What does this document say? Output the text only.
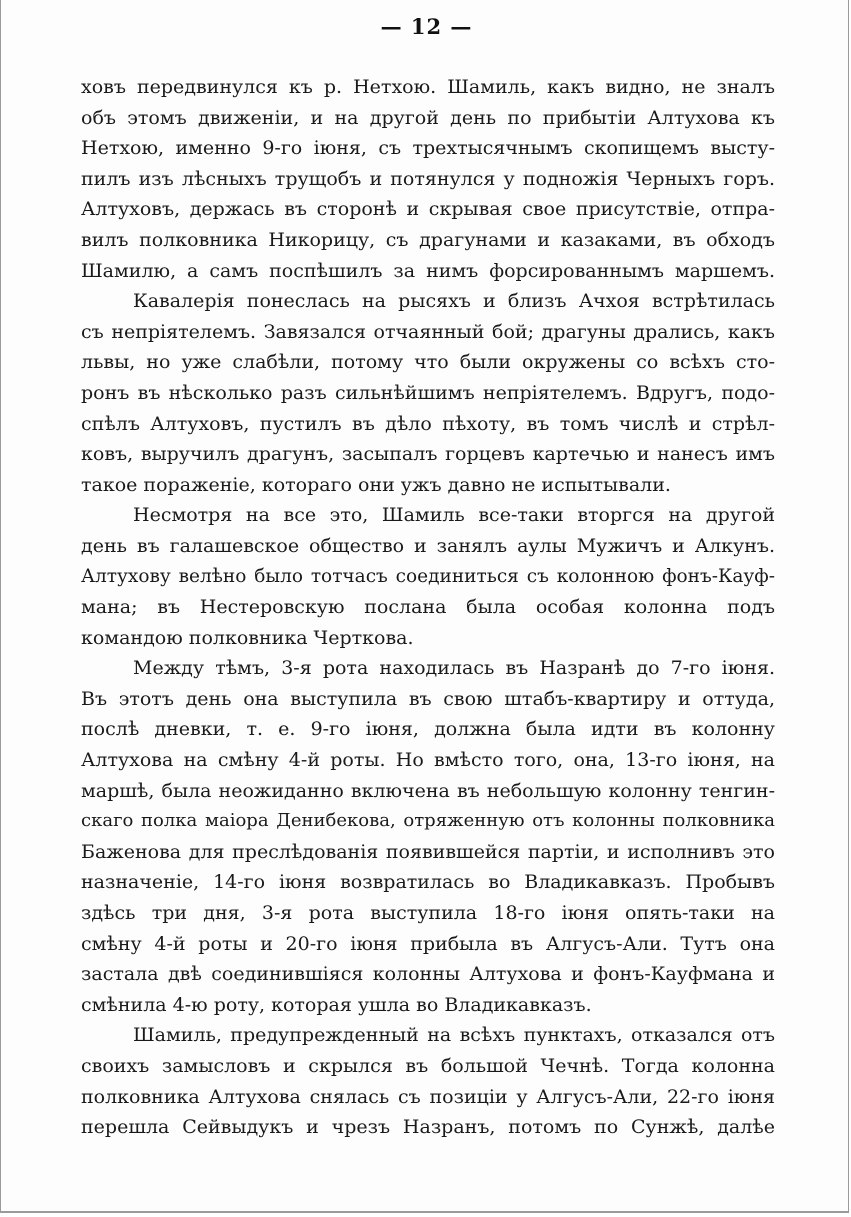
— 12 —
ховъ передвинулся къ р. Нетхою. Шамиль, какъ видно, не зналъ
объ этомъ движеніи, и на другой день по прибытіи Алтухова къ
Нетхою, именно 9-го іюня, съ трехтысячнымъ скопищемъ высту-
пилъ изъ лѣсныхъ трущобъ и потянулся у подножія Черныхъ горъ.
Алтуховъ, держась въ сторонѣ и скрывая свое присутствіе, отпра-
вилъ полковника Никорицу, съ драгунами и казаками, въ обходъ
Шамилю, а самъ поспѣшилъ за нимъ форсированнымъ маршемъ.
Кавалерія понеслась на рысяхъ и близъ Ачхоя встрѣтилась
съ непріятелемъ. Завязался отчаянный бой; драгуны дрались, какъ
львы, но уже слабѣли, потому что были окружены со всѣхъ сто-
ронъ въ нѣсколько разъ сильнѣйшимъ непріятелемъ. Вдругъ, подо-
спѣлъ Алтуховъ, пустилъ въ дѣло пѣхоту, въ томъ числѣ и стрѣл-
ковъ, выручилъ драгунъ, засыпалъ горцевъ картечью и нанесъ имъ
такое пораженіе, котораго они ужъ давно не испытывали.
Несмотря на все это, Шамиль все-таки вторгся на другой
день въ галашевское общество и занялъ аулы Мужичъ и Алкунъ.
Алтухову велѣно было тотчасъ соединиться съ колонною фонъ-Кауф-
мана; въ Нестеровскую послана была особая колонна подъ
командою полковника Черткова.
Между тѣмъ, 3-я рота находилась въ Назранѣ до 7-го іюня.
Въ этотъ день она выступила въ свою штабъ-квартиру и оттуда,
послѣ дневки, т. е. 9-го іюня, должна была идти въ колонну
Алтухова на смѣну 4-й роты. Но вмѣсто того, она, 13-го іюня, на
маршѣ, была неожиданно включена въ небольшую колонну тенгин-
скаго полка маіора Денибекова, отряженную отъ колонны полковника
Баженова для преслѣдованія появившейся партіи, и исполнивъ это
назначеніе, 14-го іюня возвратилась во Владикавказъ. Пробывъ
здѣсь три дня, 3-я рота выступила 18-го іюня опять-таки на
смѣну 4-й роты и 20-го іюня прибыла въ Алгусъ-Али. Тутъ она
застала двѣ соединившіяся колонны Алтухова и фонъ-Кауфмана и
смѣнила 4-ю роту, которая ушла во Владикавказъ.
Шамиль, предупрежденный на всѣхъ пунктахъ, отказался отъ
своихъ замысловъ и скрылся въ большой Чечнѣ. Тогда колонна
полковника Алтухова снялась съ позиціи у Алгусъ-Али, 22-го іюня
перешла Сейвыдукъ и чрезъ Назранъ, потомъ по Сунжѣ, далѣе
